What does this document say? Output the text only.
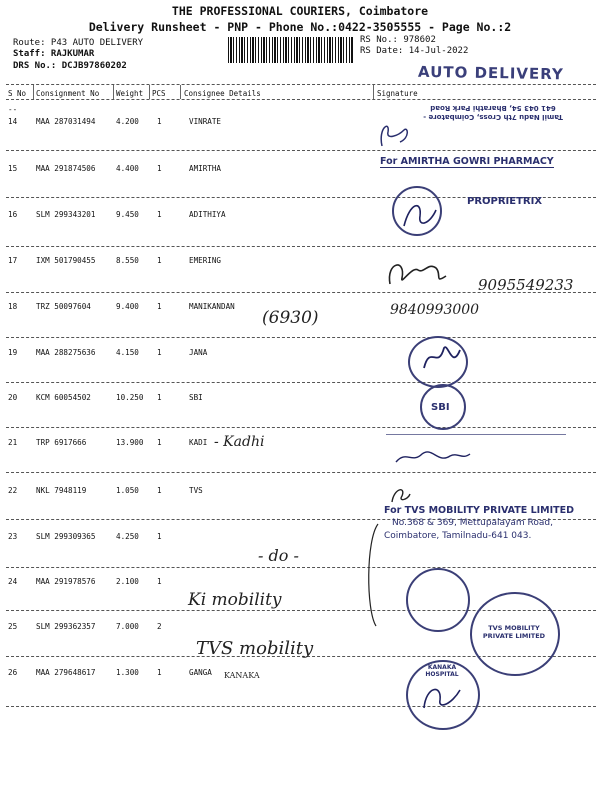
THE PROFESSIONAL COURIERS, Coimbatore
Delivery Runsheet - PNP - Phone No.:0422-3505555 - Page No.:2
Route: P43 AUTO DELIVERY
Staff: RAJKUMAR
DRS No.: DCJB97860202
RS No.: 978602
RS Date: 14-Jul-2022
AUTO DELIVERY
S No Consignment No Weight PCS Consignee Details	Signature
--
14 MAA 287031494	4.200 1	VINRATE
15 MAA 291874506	4.400 1	AMIRTHA
16 SLM 299343201	9.450 1	ADITHIYA
17 IXM 501790455	8.550 1	EMERING
18 TRZ 50097604	9.400 1	MANIKANDAN
19 MAA 288275636	4.150 1	JANA
20 KCM 60054502	10.250 1	SBI
21 TRP 6917666	13.900 1	KADI
22 NKL 7948119	1.050 1	TVS
23 SLM 299309365	4.250 1
24 MAA 291978576	2.100 1
25 SLM 299362357	7.000 2
26 MAA 279648617	1.300 1	GANGA
Tamil Nadu 7th Cross, Coimbatore - 641 043 54, Bharathi Park Road
For AMIRTHA GOWRI PHARMACY
PROPRIETRIX
9095549233
(6930)	9840993000
SBI
- Kadhi
For TVS MOBILITY PRIVATE LIMITED
No.368 & 369, Mettupalayam Road,
Coimbatore, Tamilnadu-641 043.
- do -
Ki mobility
TVS mobility
TVS MOBILITY PRIVATE LIMITED
KANAKA
KANAKA HOSPITAL
